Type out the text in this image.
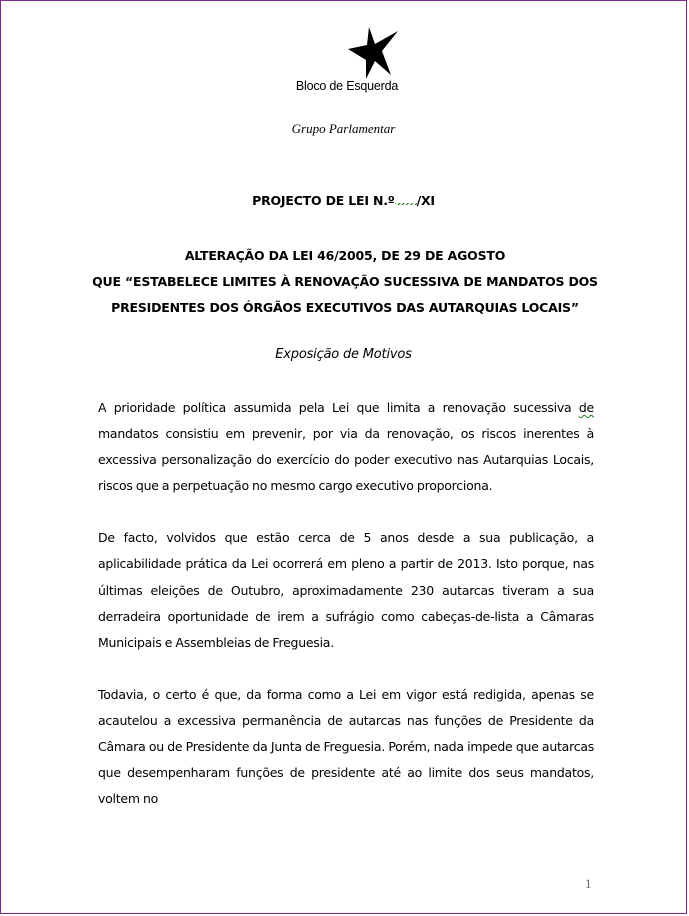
Bloco de Esquerda
Grupo Parlamentar
PROJECTO DE LEI N.º /XI
ALTERAÇÃO DA LEI 46/2005, DE 29 DE AGOSTO
QUE “ESTABELECE LIMITES À RENOVAÇÃO SUCESSIVA DE MANDATOS DOS
PRESIDENTES DOS ÓRGÃOS EXECUTIVOS DAS AUTARQUIAS LOCAIS”
Exposição de Motivos

A prioridade política assumida pela Lei que limita a renovação sucessiva de mandatos consistiu em prevenir, por via da renovação, os riscos inerentes à excessiva personalização do exercício do poder executivo nas Autarquias Locais, riscos que a perpetuação no mesmo cargo executivo proporciona.

De facto, volvidos que estão cerca de 5 anos desde a sua publicação, a aplicabilidade prática da Lei ocorrerá em pleno a partir de 2013. Isto porque, nas últimas eleições de Outubro, aproximadamente 230 autarcas tiveram a sua derradeira oportunidade de irem a sufrágio como cabeças-de-lista a Câmaras Municipais e Assembleias de Freguesia.

Todavia, o certo é que, da forma como a Lei em vigor está redigida, apenas se acautelou a excessiva permanência de autarcas nas funções de Presidente da Câmara ou de Presidente da Junta de Freguesia. Porém, nada impede que autarcas que desempenharam funções de presidente até ao limite dos seus mandatos, voltem no

1
